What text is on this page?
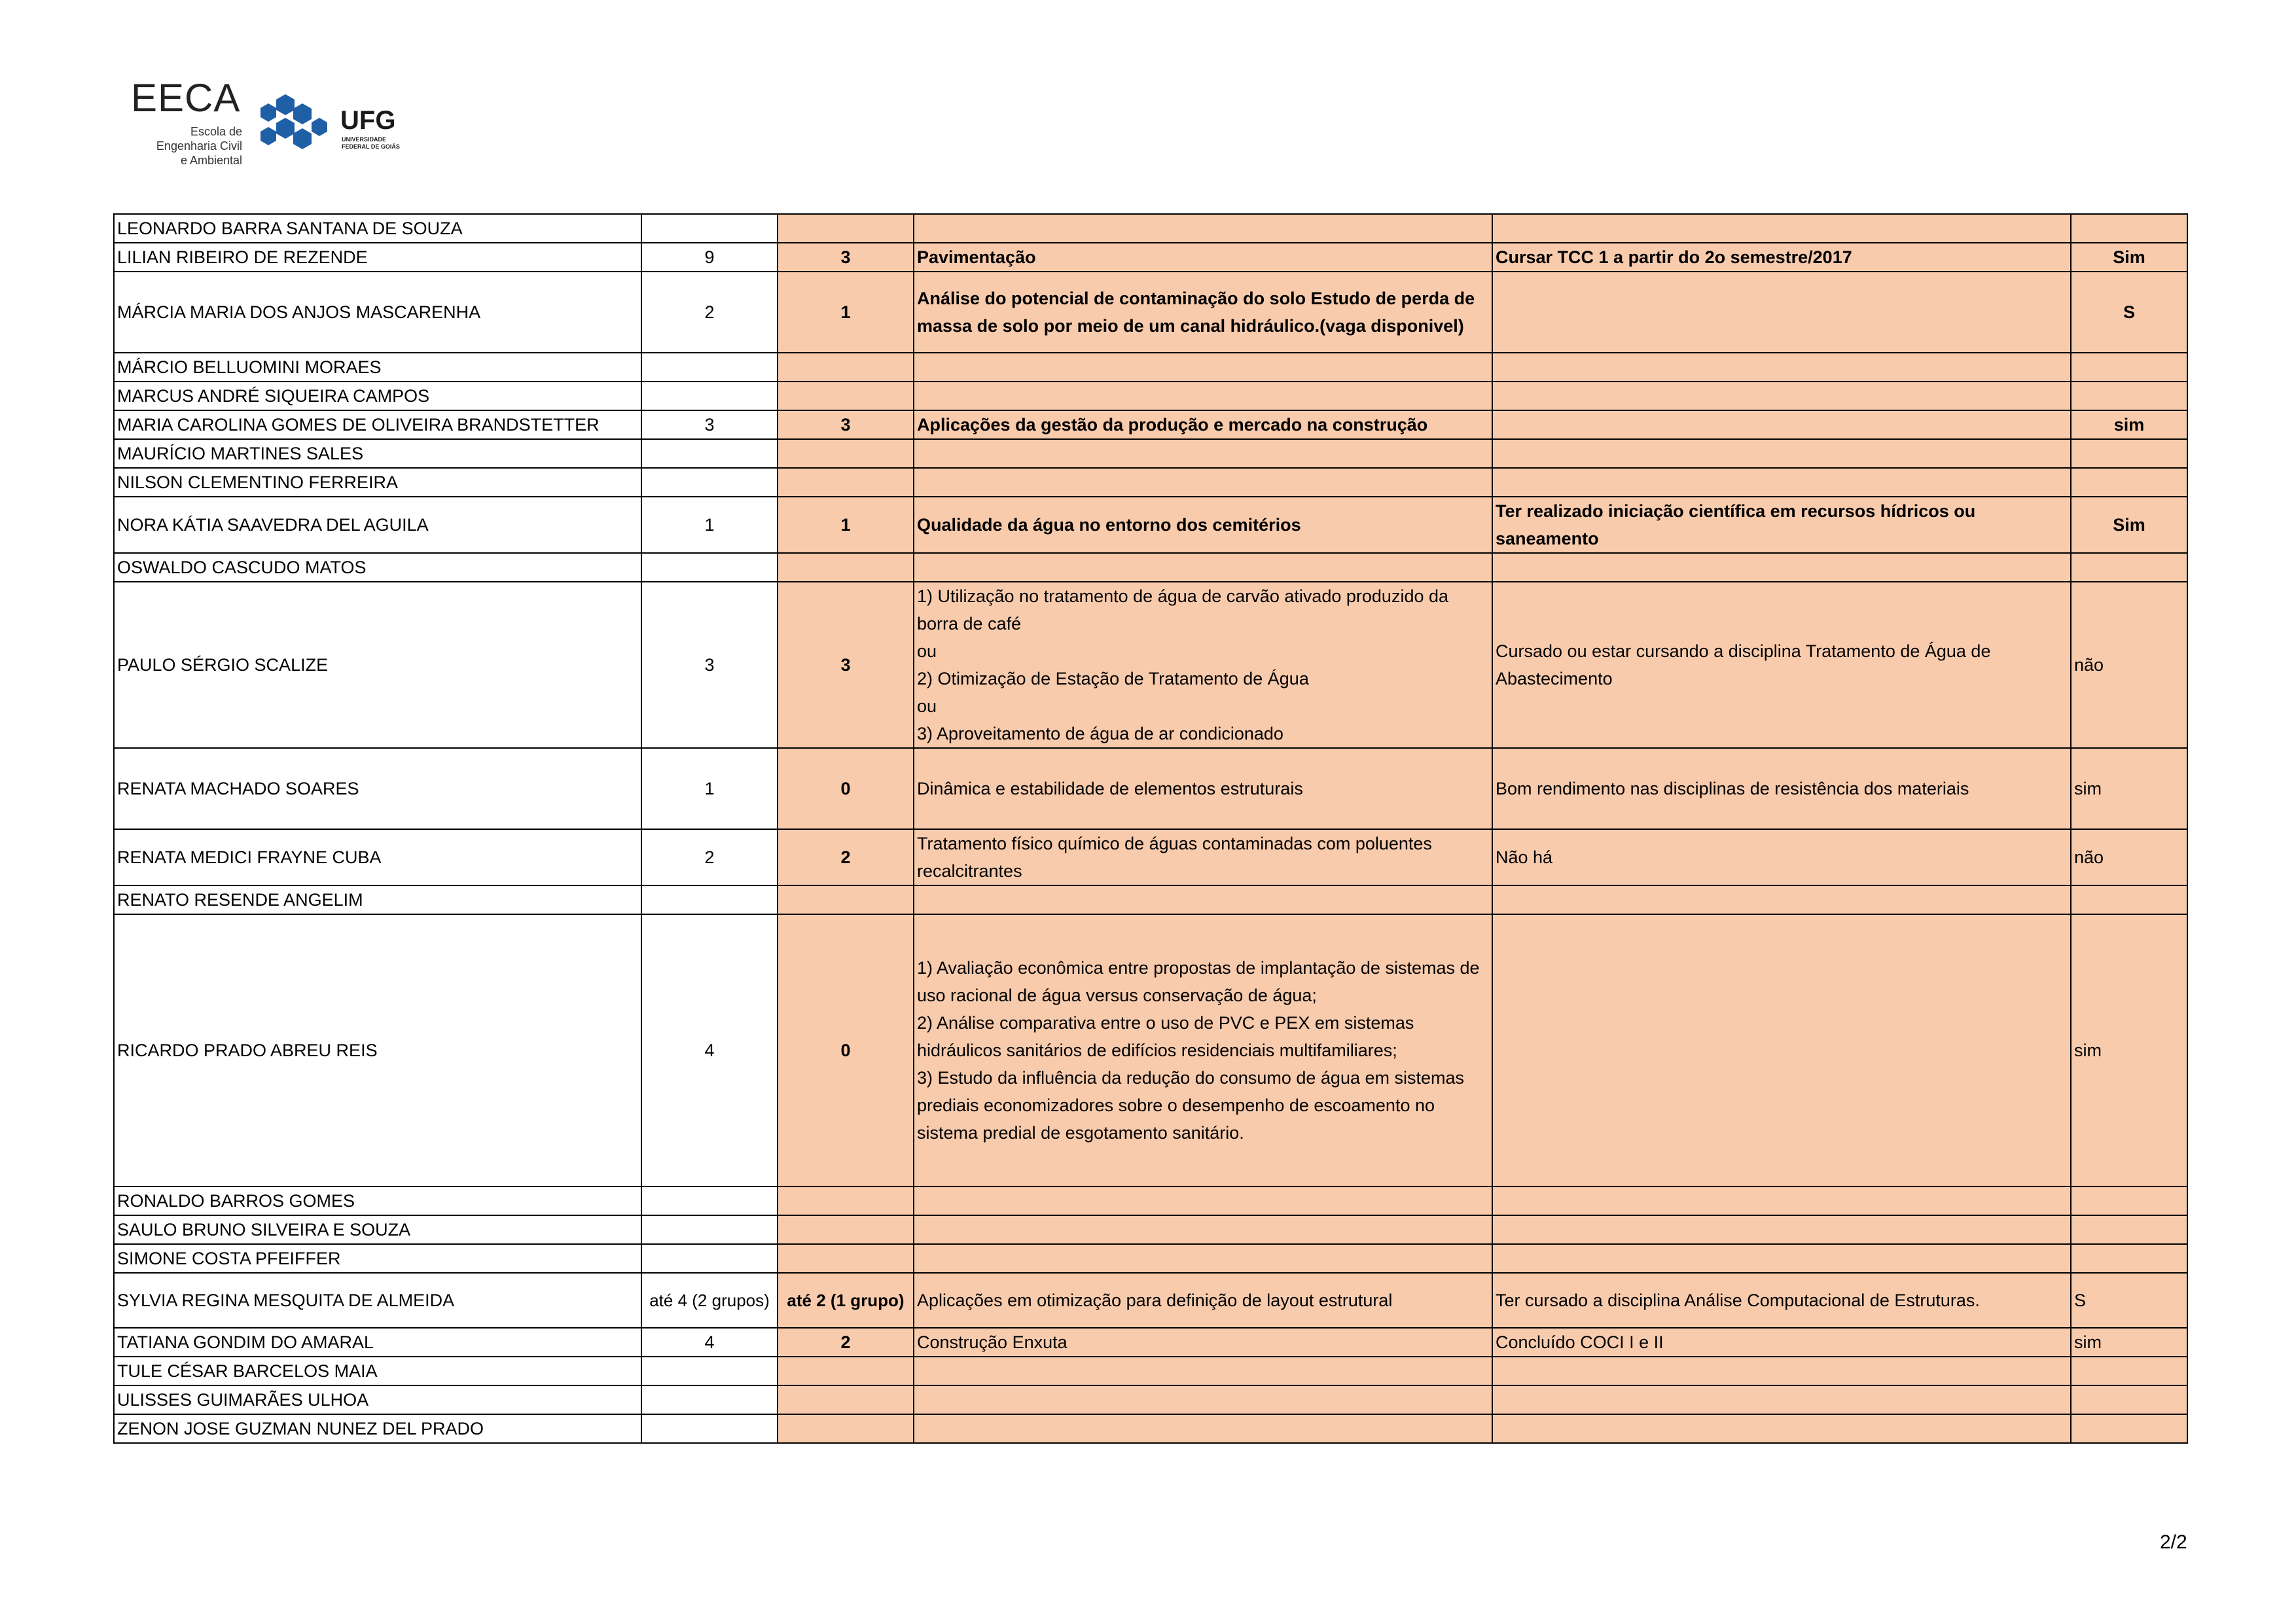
EECA
Escola de
Engenharia Civil
e Ambiental
UFG
UNIVERSIDADE
FEDERAL DE GOIÁS
LEONARDO BARRA SANTANA DE SOUZA					
LILIAN RIBEIRO DE REZENDE	9	3	Pavimentação	Cursar TCC 1 a partir do 2o semestre/2017	Sim
MÁRCIA MARIA DOS ANJOS MASCARENHA	2	1	Análise do potencial de contaminação do solo Estudo de perda de massa de solo por meio de um canal hidráulico.(vaga disponivel)		S
MÁRCIO BELLUOMINI MORAES					
MARCUS ANDRÉ SIQUEIRA CAMPOS					
MARIA CAROLINA GOMES DE OLIVEIRA BRANDSTETTER	3	3	Aplicações da gestão da produção e mercado na construção		sim
MAURÍCIO MARTINES SALES					
NILSON CLEMENTINO FERREIRA					
NORA KÁTIA SAAVEDRA DEL AGUILA	1	1	Qualidade da água no entorno dos cemitérios	Ter realizado iniciação científica em recursos hídricos ou saneamento	Sim
OSWALDO CASCUDO MATOS					
PAULO SÉRGIO SCALIZE	3	3	1) Utilização no tratamento de água de carvão ativado produzido da borra de café
ou
2) Otimização de Estação de Tratamento de Água
ou
3) Aproveitamento de água de ar condicionado	Cursado ou estar cursando a disciplina Tratamento de Água de Abastecimento	não
RENATA MACHADO SOARES	1	0	Dinâmica e estabilidade de elementos estruturais	Bom rendimento nas disciplinas de resistência dos materiais	sim
RENATA MEDICI FRAYNE CUBA	2	2	Tratamento físico químico de águas contaminadas com poluentes recalcitrantes	Não há	não
RENATO RESENDE ANGELIM					
RICARDO PRADO ABREU REIS	4	0	1) Avaliação econômica entre propostas de implantação de sistemas de uso racional de água versus conservação de água;
2) Análise comparativa entre o uso de PVC e PEX em sistemas hidráulicos sanitários de edifícios residenciais multifamiliares;
3) Estudo da influência da redução do consumo de água em sistemas prediais economizadores sobre o desempenho de escoamento no sistema predial de esgotamento sanitário.		sim
RONALDO BARROS GOMES					
SAULO BRUNO SILVEIRA E SOUZA					
SIMONE COSTA PFEIFFER					
SYLVIA REGINA MESQUITA DE ALMEIDA	até 4 (2 grupos)	até 2 (1 grupo)	Aplicações em otimização para definição de layout estrutural	Ter cursado a disciplina Análise Computacional de Estruturas.	S
TATIANA GONDIM DO AMARAL	4	2	Construção Enxuta	Concluído COCI I e II	sim
TULE CÉSAR BARCELOS MAIA					
ULISSES GUIMARÃES ULHOA					
ZENON JOSE GUZMAN NUNEZ DEL PRADO					
2/2
